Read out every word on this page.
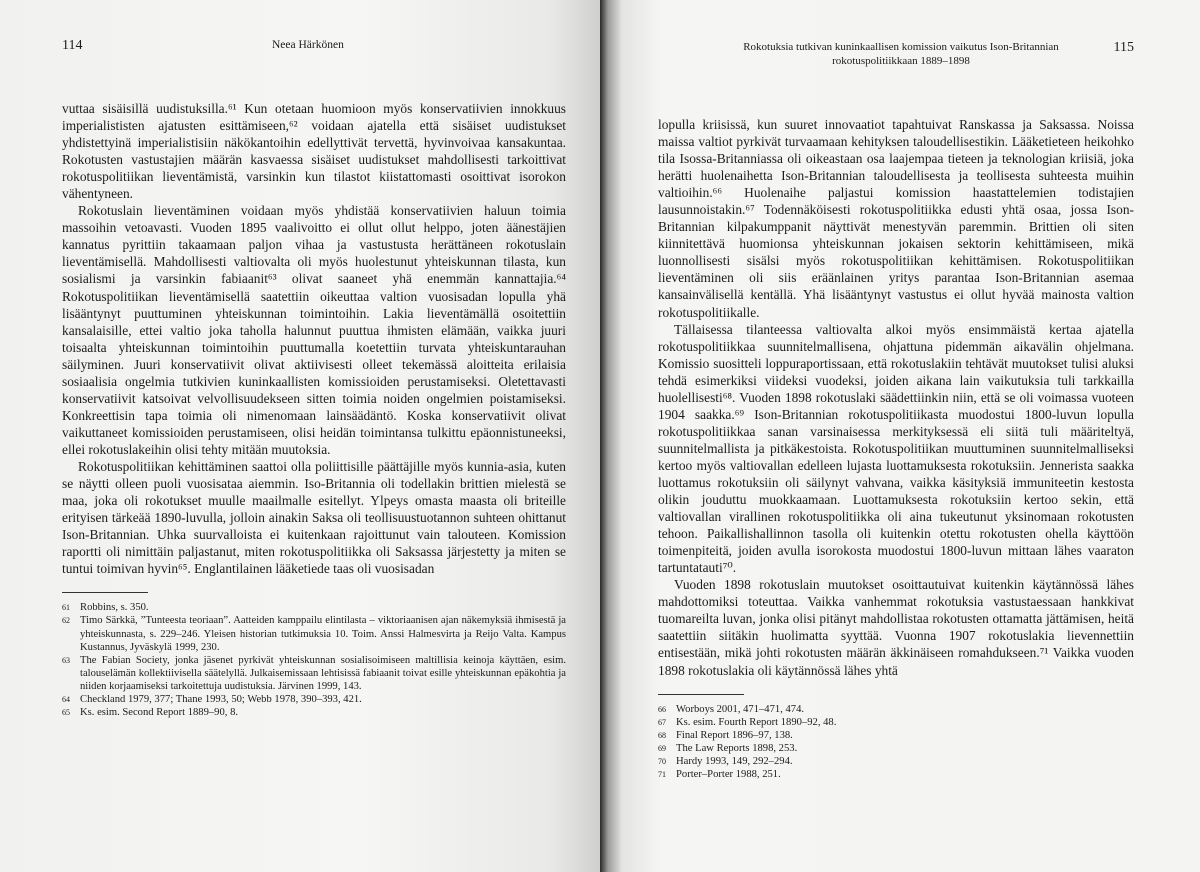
114	Neea Härkönen

vuttaa sisäisillä uudistuksilla.⁶¹ Kun otetaan huomioon myös konservatiivien innokkuus imperialististen ajatusten esittämiseen,⁶² voidaan ajatella että sisäiset uudistukset yhdistettyinä imperialistisiin näkökantoihin edellyttivät tervettä, hyvinvoivaa kansakuntaa. Rokotusten vastustajien määrän kasvaessa sisäiset uudistukset mahdollisesti tarkoittivat rokotuspolitiikan lieventämistä, varsinkin kun tilastot kiistattomasti osoittivat isorokon vähentyneen.

Rokotuslain lieventäminen voidaan myös yhdistää konservatiivien haluun toimia massoihin vetoavasti. Vuoden 1895 vaalivoitto ei ollut ollut helppo, joten äänestäjien kannatus pyrittiin takaamaan paljon vihaa ja vastustusta herättäneen rokotuslain lieventämisellä. Mahdollisesti valtiovalta oli myös huolestunut yhteiskunnan tilasta, kun sosialismi ja varsinkin fabiaanit⁶³ olivat saaneet yhä enemmän kannattajia.⁶⁴ Rokotuspolitiikan lieventämisellä saatettiin oikeuttaa valtion vuosisadan lopulla yhä lisääntynyt puuttuminen yhteiskunnan toimintoihin. Lakia lieventämällä osoitettiin kansalaisille, ettei valtio joka taholla halunnut puuttua ihmisten elämään, vaikka juuri toisaalta yhteiskunnan toimintoihin puuttumalla koetettiin turvata yhteiskuntarauhan säilyminen. Juuri konservatiivit olivat aktiivisesti olleet tekemässä aloitteita erilaisia sosiaalisia ongelmia tutkivien kuninkaallisten komissioiden perustamiseksi. Oletettavasti konservatiivit katsoivat velvollisuudekseen sitten toimia noiden ongelmien poistamiseksi. Konkreettisin tapa toimia oli nimenomaan lainsäädäntö. Koska konservatiivit olivat vaikuttaneet komissioiden perustamiseen, olisi heidän toimintansa tulkittu epäonnistuneeksi, ellei rokotuslakeihin olisi tehty mitään muutoksia.

Rokotuspolitiikan kehittäminen saattoi olla poliittisille päättäjille myös kunnia-asia, kuten se näytti olleen puoli vuosisataa aiemmin. Iso-Britannia oli todellakin brittien mielestä se maa, joka oli rokotukset muulle maailmalle esitellyt. Ylpeys omasta maasta oli briteille erityisen tärkeää 1890-luvulla, jolloin ainakin Saksa oli teollisuustuotannon suhteen ohittanut Ison-Britannian. Uhka suurvalloista ei kuitenkaan rajoittunut vain talouteen. Komission raportti oli nimittäin paljastanut, miten rokotuspolitiikka oli Saksassa järjestetty ja miten se tuntui toimivan hyvin⁶⁵. Englantilainen lääketiede taas oli vuosisadan

61 Robbins, s. 350.
62 Timo Särkkä, ”Tunteesta teoriaan”. Aatteiden kamppailu elintilasta – viktoriaanisen ajan näkemyksiä ihmisestä ja yhteiskunnasta, s. 229–246. Yleisen historian tutkimuksia 10. Toim. Anssi Halmesvirta ja Reijo Valta. Kampus Kustannus, Jyväskylä 1999, 230.
63 The Fabian Society, jonka jäsenet pyrkivät yhteiskunnan sosialisoimiseen maltillisia keinoja käyttäen, esim. talouselämän kollektiivisella säätelyllä. Julkaisemissaan lehtisissä fabiaanit toivat esille yhteiskunnan epäkohtia ja niiden korjaamiseksi tarkoitettuja uudistuksia. Järvinen 1999, 143.
64 Checkland 1979, 377; Thane 1993, 50; Webb 1978, 390–393, 421.
65 Ks. esim. Second Report 1889–90, 8.
Rokotuksia tutkivan kuninkaallisen komission vaikutus Ison-Britannian
rokotuspolitiikkaan 1889–1898
115

lopulla kriisissä, kun suuret innovaatiot tapahtuivat Ranskassa ja Saksassa. Noissa maissa valtiot pyrkivät turvaamaan kehityksen taloudellisestikin. Lääketieteen heikohko tila Isossa-Britanniassa oli oikeastaan osa laajempaa tieteen ja teknologian kriisiä, joka herätti huolenaihetta Ison-Britannian taloudellisesta ja teollisesta suhteesta muihin valtioihin.⁶⁶ Huolenaihe paljastui komission haastattelemien todistajien lausunnoistakin.⁶⁷ Todennäköisesti rokotuspolitiikka edusti yhtä osaa, jossa Ison-Britannian kilpakumppanit näyttivät menestyvän paremmin. Brittien oli siten kiinnitettävä huomionsa yhteiskunnan jokaisen sektorin kehittämiseen, mikä luonnollisesti sisälsi myös rokotuspolitiikan kehittämisen. Rokotuspolitiikan lieventäminen oli siis eräänlainen yritys parantaa Ison-Britannian asemaa kansainvälisellä kentällä. Yhä lisääntynyt vastustus ei ollut hyvää mainosta valtion rokotuspolitiikalle.

Tällaisessa tilanteessa valtiovalta alkoi myös ensimmäistä kertaa ajatella rokotuspolitiikkaa suunnitelmallisena, ohjattuna pidemmän aikavälin ohjelmana. Komissio suositteli loppuraportissaan, että rokotuslakiin tehtävät muutokset tulisi aluksi tehdä esimerkiksi viideksi vuodeksi, joiden aikana lain vaikutuksia tuli tarkkailla huolellisesti⁶⁸. Vuoden 1898 rokotuslaki säädettiinkin niin, että se oli voimassa vuoteen 1904 saakka.⁶⁹ Ison-Britannian rokotuspolitiikasta muodostui 1800-luvun lopulla rokotuspolitiikkaa sanan varsinaisessa merkityksessä eli siitä tuli määriteltyä, suunnitelmallista ja pitkäkestoista. Rokotuspolitiikan muuttuminen suunnitelmalliseksi kertoo myös valtiovallan edelleen lujasta luottamuksesta rokotuksiin. Jennerista saakka luottamus rokotuksiin oli säilynyt vahvana, vaikka käsityksiä immuniteetin kestosta olikin jouduttu muokkaamaan. Luottamuksesta rokotuksiin kertoo sekin, että valtiovallan virallinen rokotuspolitiikka oli aina tukeutunut yksinomaan rokotusten tehoon. Paikallishallinnon tasolla oli kuitenkin otettu rokotusten ohella käyttöön toimenpiteitä, joiden avulla isorokosta muodostui 1800-luvun mittaan lähes vaaraton tartuntatauti⁷⁰.

Vuoden 1898 rokotuslain muutokset osoittautuivat kuitenkin käytännössä lähes mahdottomiksi toteuttaa. Vaikka vanhemmat rokotuksia vastustaessaan hankkivat tuomareilta luvan, jonka olisi pitänyt mahdollistaa rokotusten ottamatta jättämisen, heitä saatettiin siitäkin huolimatta syyttää. Vuonna 1907 rokotuslakia lievennettiin entisestään, mikä johti rokotusten määrän äkkinäiseen romahdukseen.⁷¹ Vaikka vuoden 1898 rokotuslakia oli käytännössä lähes yhtä

66 Worboys 2001, 471–471, 474.
67 Ks. esim. Fourth Report 1890–92, 48.
68 Final Report 1896–97, 138.
69 The Law Reports 1898, 253.
70 Hardy 1993, 149, 292–294.
71 Porter–Porter 1988, 251.
